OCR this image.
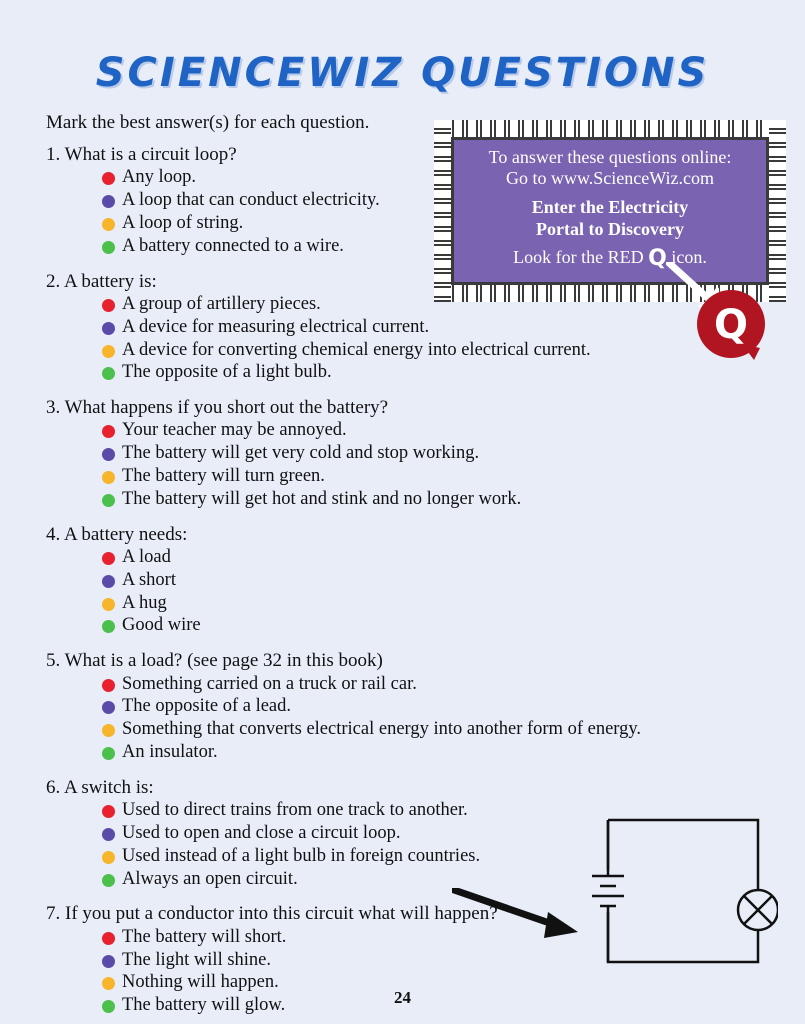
SCIENCEWIZ QUESTIONS
Mark the best answer(s) for each question.
To answer these questions online:
Go to www.ScienceWiz.com
Enter the Electricity
Portal to Discovery
Look for the RED Q icon.
Q
1. What is a circuit loop?
Any loop.
A loop that can conduct electricity.
A loop of string.
A battery connected to a wire.
2. A battery is:
A group of artillery pieces.
A device for measuring electrical current.
A device for converting chemical energy into electrical current.
The opposite of a light bulb.
3. What happens if you short out the battery?
Your teacher may be annoyed.
The battery will get very cold and stop working.
The battery will turn green.
The battery will get hot and stink and no longer work.
4. A battery needs:
A load
A short
A hug
Good wire
5. What is a load? (see page 32 in this book)
Something carried on a truck or rail car.
The opposite of a lead.
Something that converts electrical energy into another form of energy.
An insulator.
6. A switch is:
Used to direct trains from one track to another.
Used to open and close a circuit loop.
Used instead of a light bulb in foreign countries.
Always an open circuit.
7. If you put a conductor into this circuit what will happen?
The battery will short.
The light will shine.
Nothing will happen.
The battery will glow.	24
